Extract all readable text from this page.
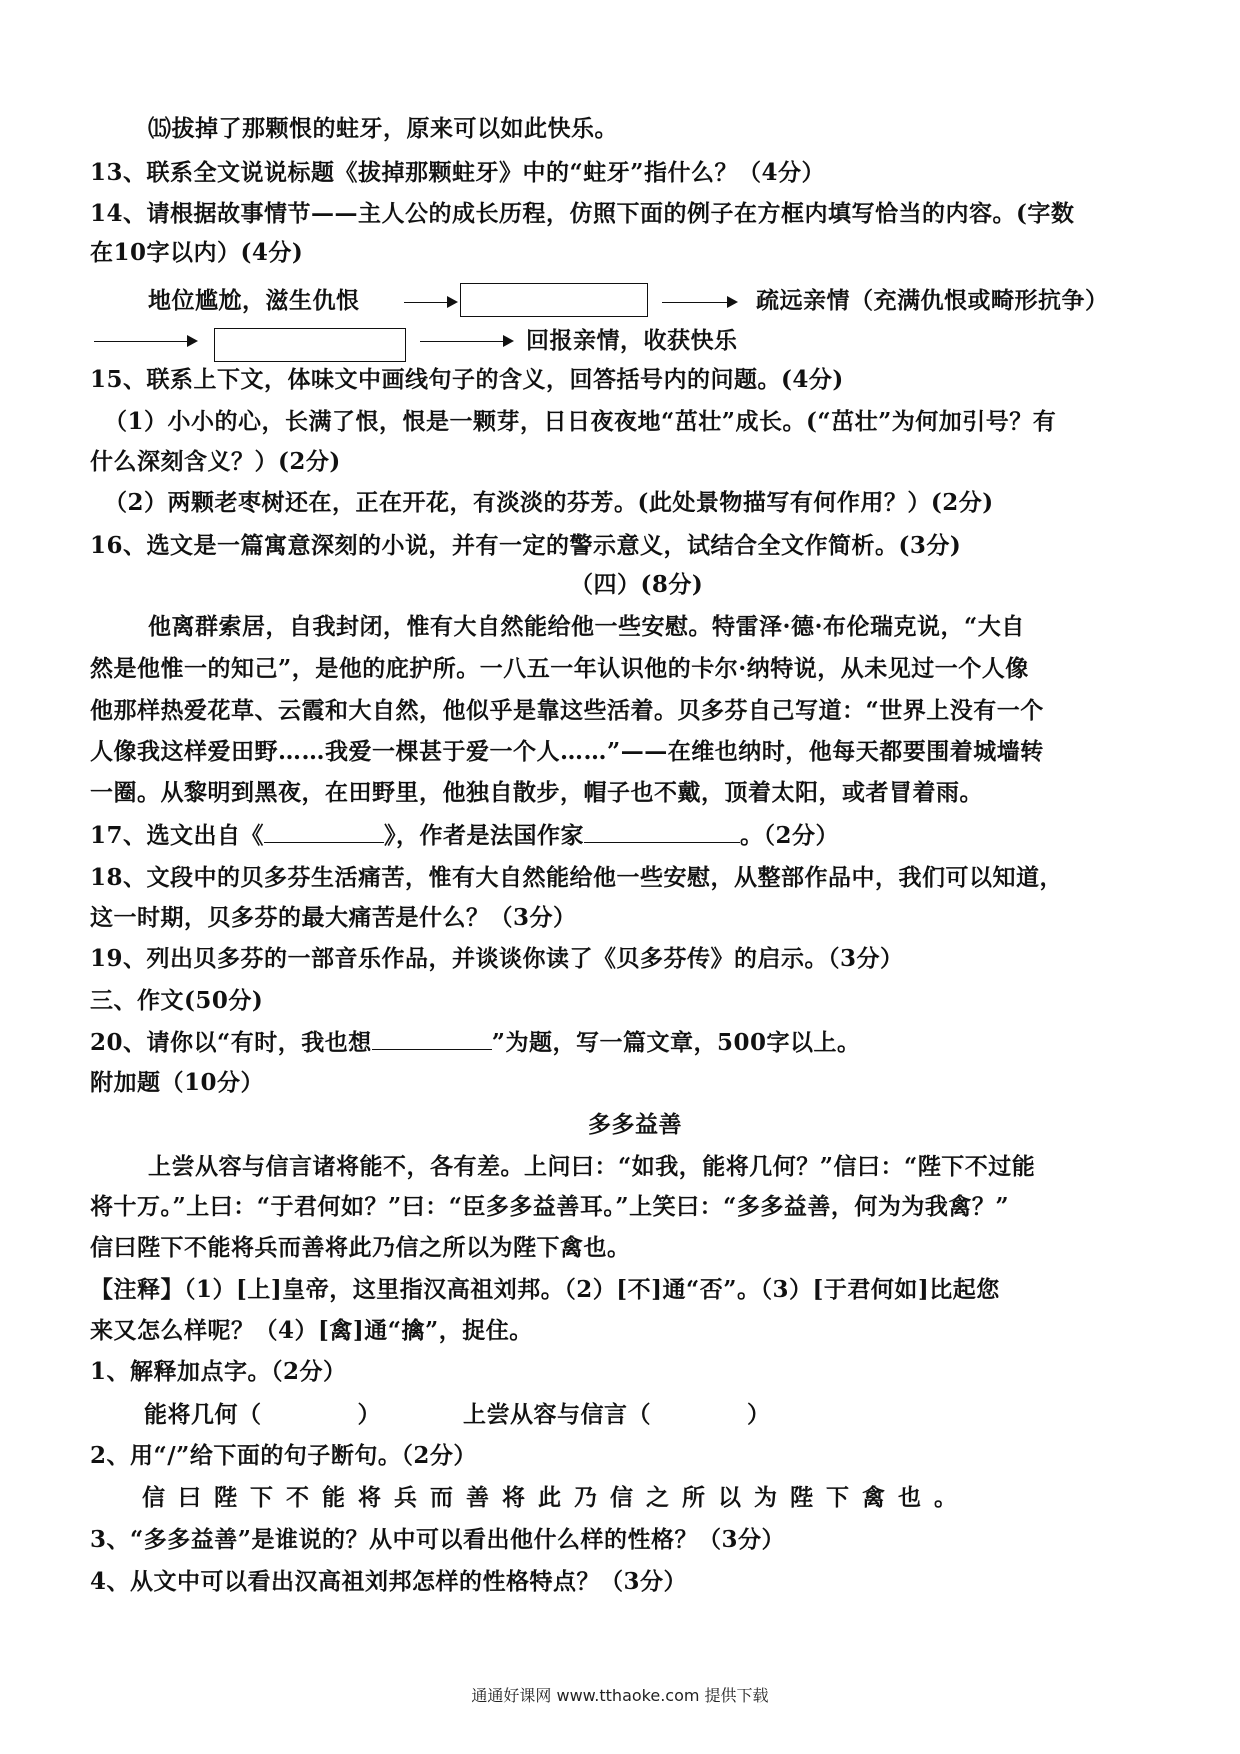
⒂拔掉了那颗恨的蛀牙，原来可以如此快乐。
13、联系全文说说标题《拔掉那颗蛀牙》中的“蛀牙”指什么？（4分）
14、请根据故事情节——主人公的成长历程，仿照下面的例子在方框内填写恰当的内容。(字数
在10字以内）(4分)
地位尴尬，滋生仇恨	疏远亲情（充满仇恨或畸形抗争）
回报亲情，收获快乐
15、联系上下文，体味文中画线句子的含义，回答括号内的问题。(4分)
（1）小小的心，长满了恨，恨是一颗芽，日日夜夜地“茁壮”成长。(“茁壮”为何加引号？有
什么深刻含义？）(2分)
（2）两颗老枣树还在，正在开花，有淡淡的芬芳。(此处景物描写有何作用？）(2分)
16、选文是一篇寓意深刻的小说，并有一定的警示意义，试结合全文作简析。(3分)
（四）(8分)
他离群索居，自我封闭，惟有大自然能给他一些安慰。特雷泽·德·布伦瑞克说，“大自
然是他惟一的知己”，是他的庇护所。一八五一年认识他的卡尔·纳特说，从未见过一个人像
他那样热爱花草、云霞和大自然，他似乎是靠这些活着。贝多芬自己写道：“世界上没有一个
人像我这样爱田野……我爱一棵甚于爱一个人……”——在维也纳时，他每天都要围着城墙转
一圈。从黎明到黑夜，在田野里，他独自散步，帽子也不戴，顶着太阳，或者冒着雨。
17、选文出自《	》，作者是法国作家	。（2分）
18、文段中的贝多芬生活痛苦，惟有大自然能给他一些安慰，从整部作品中，我们可以知道，
这一时期，贝多芬的最大痛苦是什么？（3分）
19、列出贝多芬的一部音乐作品，并谈谈你读了《贝多芬传》的启示。（3分）
三、作文(50分)
20、请你以“有时，我也想	”为题，写一篇文章，500字以上。
附加题（10分）
多多益善
上尝从容与信言诸将能不，各有差。上问曰：“如我，能将几何？”信曰：“陛下不过能
将十万。”上曰：“于君何如？”曰：“臣多多益善耳。”上笑曰：“多多益善，何为为我禽？”
信曰陛下不能将兵而善将此乃信之所以为陛下禽也。
【注释】（1）[上]皇帝，这里指汉高祖刘邦。（2）[不]通“否”。（3）[于君何如]比起您
来又怎么样呢？（4）[禽]通“擒”，捉住。
1、解释加点字。（2分）
能将几何（	）	上尝从容与信言（	）
2、用“/”给下面的句子断句。（2分）
信曰陛下不能将兵而善将此乃信之所以为陛下禽也。
3、“多多益善”是谁说的？从中可以看出他什么样的性格？（3分）
4、从文中可以看出汉高祖刘邦怎样的性格特点？（3分）
通通好课网 www.tthaoke.com 提供下载
